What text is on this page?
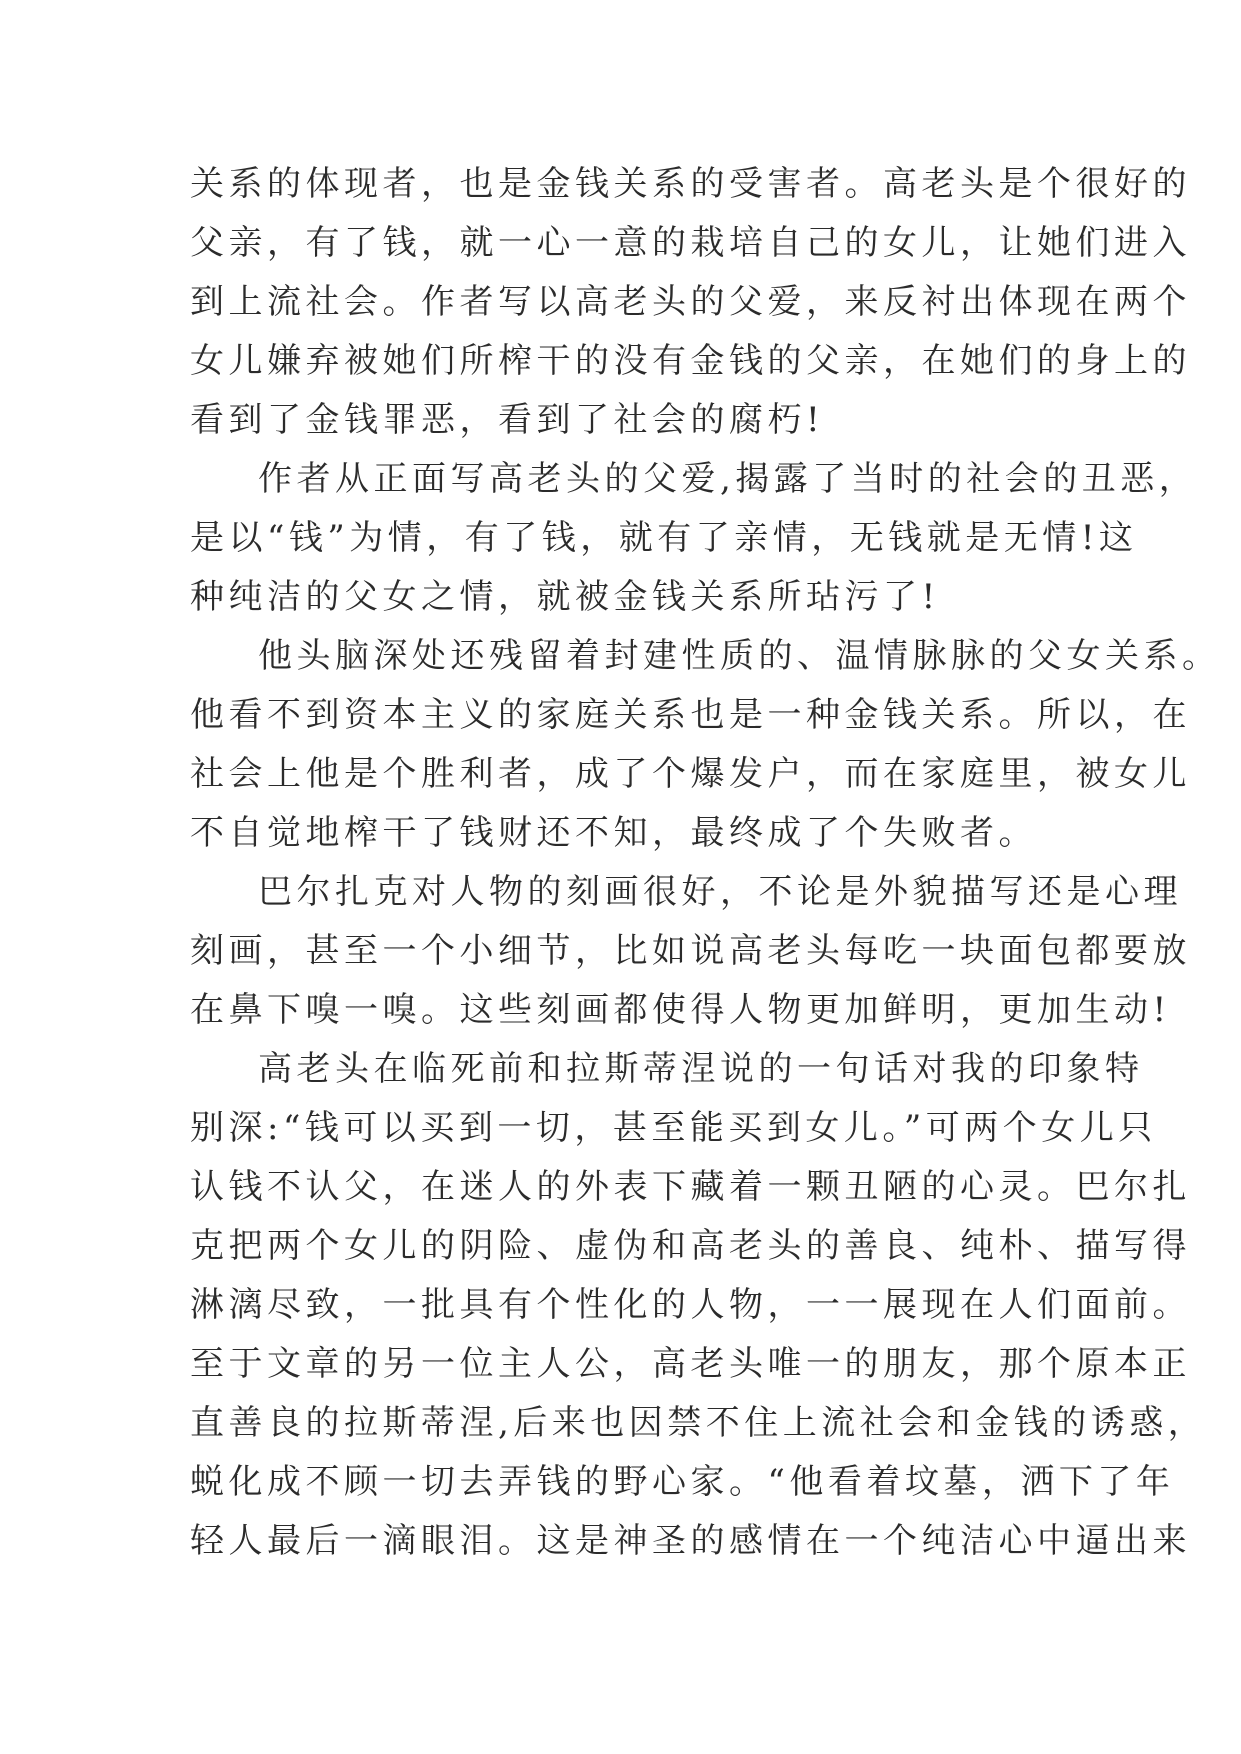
关系的体现者，也是金钱关系的受害者。高老头是个很好的
父亲，有了钱，就一心一意的栽培自己的女儿，让她们进入
到上流社会。作者写以高老头的父爱，来反衬出体现在两个
女儿嫌弃被她们所榨干的没有金钱的父亲，在她们的身上的
看到了金钱罪恶，看到了社会的腐朽!
作者从正面写高老头的父爱,揭露了当时的社会的丑恶，
是以“钱”为情，有了钱，就有了亲情，无钱就是无情!这
种纯洁的父女之情，就被金钱关系所玷污了!
他头脑深处还残留着封建性质的、温情脉脉的父女关系。
他看不到资本主义的家庭关系也是一种金钱关系。所以，在
社会上他是个胜利者，成了个爆发户，而在家庭里，被女儿
不自觉地榨干了钱财还不知，最终成了个失败者。
巴尔扎克对人物的刻画很好，不论是外貌描写还是心理
刻画，甚至一个小细节，比如说高老头每吃一块面包都要放
在鼻下嗅一嗅。这些刻画都使得人物更加鲜明，更加生动!
高老头在临死前和拉斯蒂涅说的一句话对我的印象特
别深:“钱可以买到一切，甚至能买到女儿。”可两个女儿只
认钱不认父，在迷人的外表下藏着一颗丑陋的心灵。巴尔扎
克把两个女儿的阴险、虚伪和高老头的善良、纯朴、描写得
淋漓尽致，一批具有个性化的人物，一一展现在人们面前。
至于文章的另一位主人公，高老头唯一的朋友，那个原本正
直善良的拉斯蒂涅,后来也因禁不住上流社会和金钱的诱惑，
蜕化成不顾一切去弄钱的野心家。“他看着坟墓，洒下了年
轻人最后一滴眼泪。这是神圣的感情在一个纯洁心中逼出来
